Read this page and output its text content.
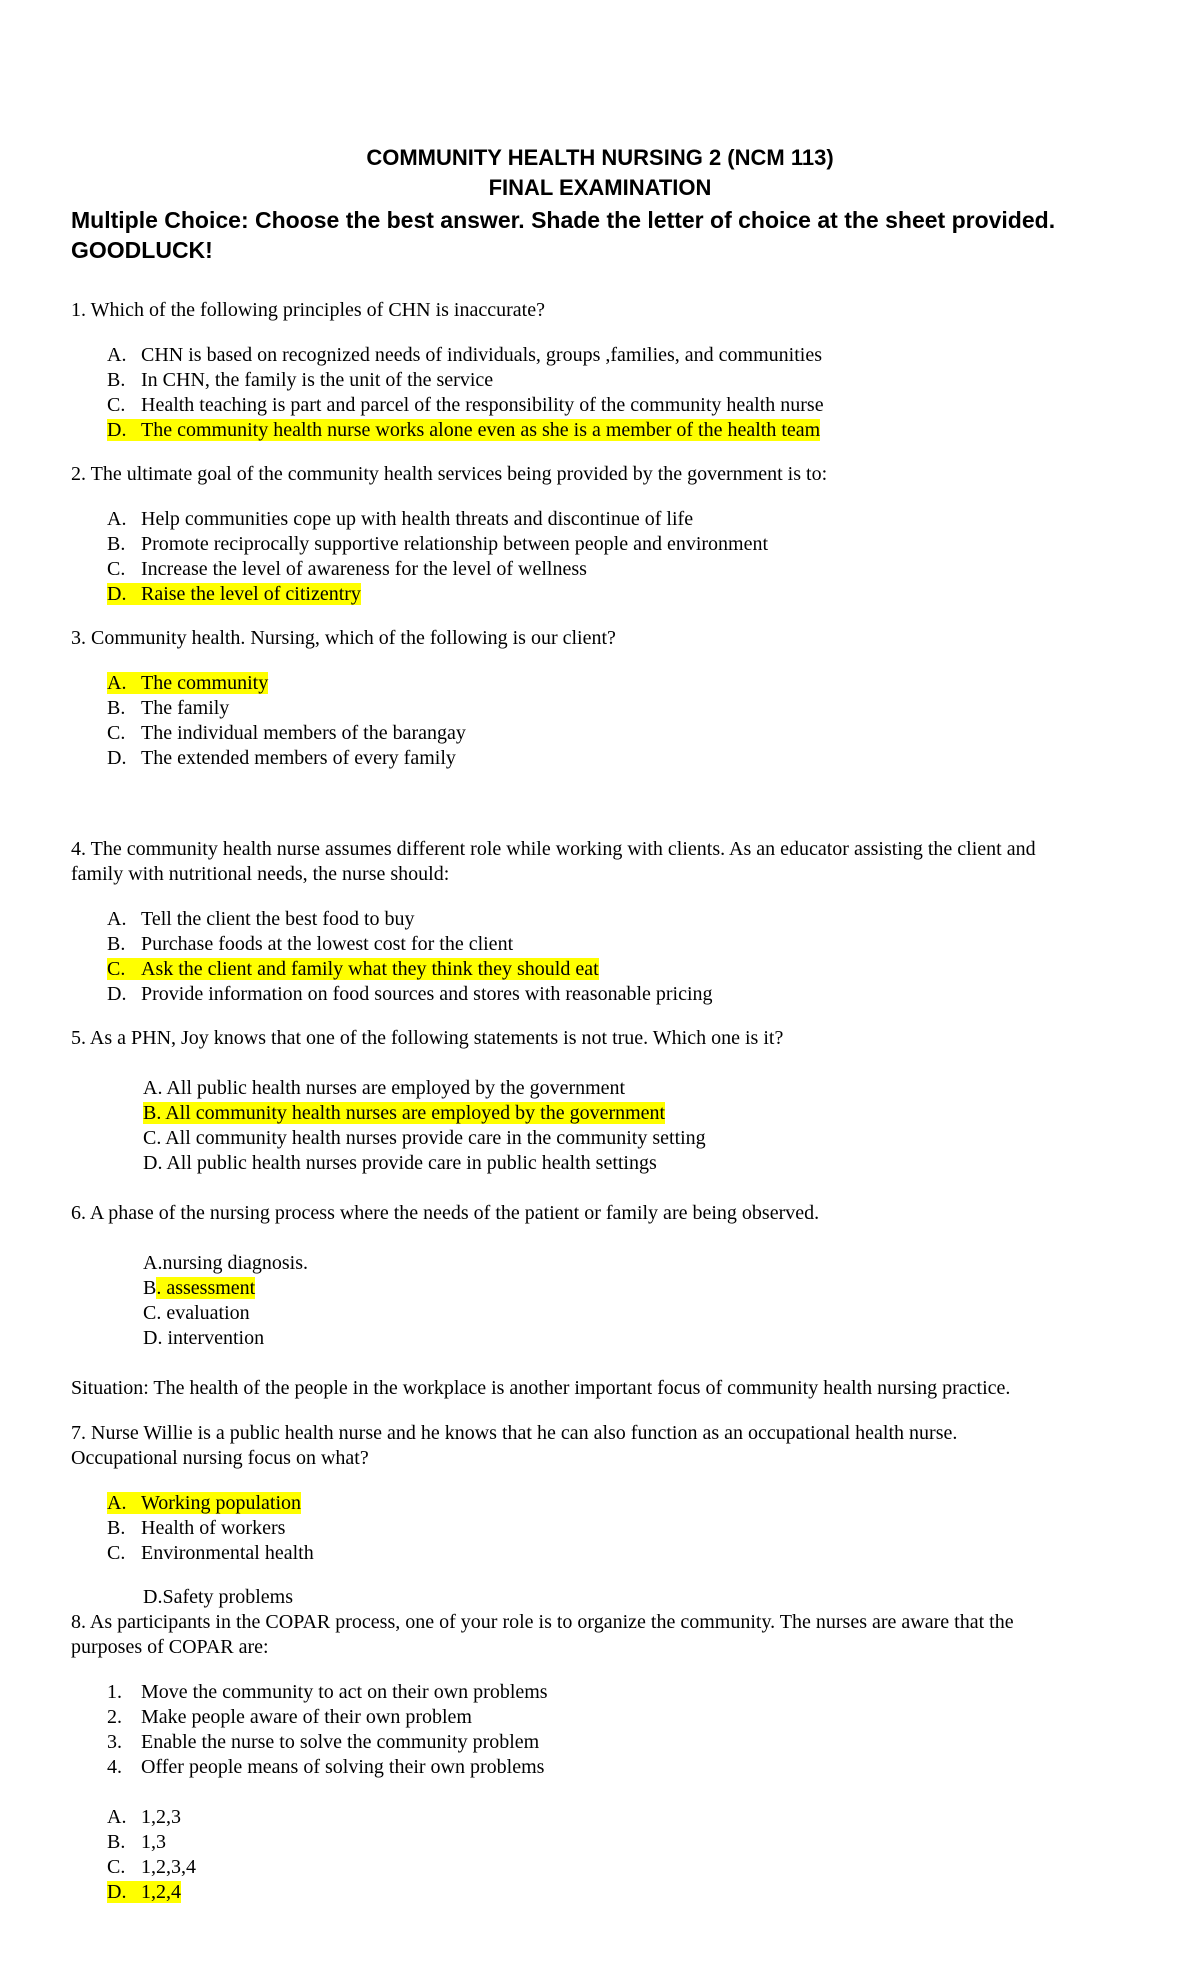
COMMUNITY HEALTH NURSING 2 (NCM 113)
FINAL EXAMINATION
Multiple Choice: Choose the best answer. Shade the letter of choice at the sheet provided.
GOODLUCK!
1. Which of the following principles of CHN is inaccurate?
A. CHN is based on recognized needs of individuals, groups ,families, and communities
B. In CHN, the family is the unit of the service
C. Health teaching is part and parcel of the responsibility of the community health nurse
D. The community health nurse works alone even as she is a member of the health team
2. The ultimate goal of the community health services being provided by the government is to:
A. Help communities cope up with health threats and discontinue of life
B. Promote reciprocally supportive relationship between people and environment
C. Increase the level of awareness for the level of wellness
D. Raise the level of citizentry
3. Community health. Nursing, which of the following is our client?
A. The community
B. The family
C. The individual members of the barangay
D. The extended members of every family
4. The community health nurse assumes different role while working with clients. As an educator assisting the client and
family with nutritional needs, the nurse should:
A. Tell the client the best food to buy
B. Purchase foods at the lowest cost for the client
C. Ask the client and family what they think they should eat
D. Provide information on food sources and stores with reasonable pricing
5. As a PHN, Joy knows that one of the following statements is not true. Which one is it?
A. All public health nurses are employed by the government
B. All community health nurses are employed by the government
C. All community health nurses provide care in the community setting
D. All public health nurses provide care in public health settings
6. A phase of the nursing process where the needs of the patient or family are being observed.
A.nursing diagnosis.
B. assessment
C. evaluation
D. intervention
Situation: The health of the people in the workplace is another important focus of community health nursing practice.
7. Nurse Willie is a public health nurse and he knows that he can also function as an occupational health nurse.
Occupational nursing focus on what?
A. Working population
B. Health of workers
C. Environmental health
D.Safety problems
8. As participants in the COPAR process, one of your role is to organize the community. The nurses are aware that the
purposes of COPAR are:
1. Move the community to act on their own problems
2. Make people aware of their own problem
3. Enable the nurse to solve the community problem
4. Offer people means of solving their own problems
A. 1,2,3
B. 1,3
C. 1,2,3,4
D. 1,2,4
